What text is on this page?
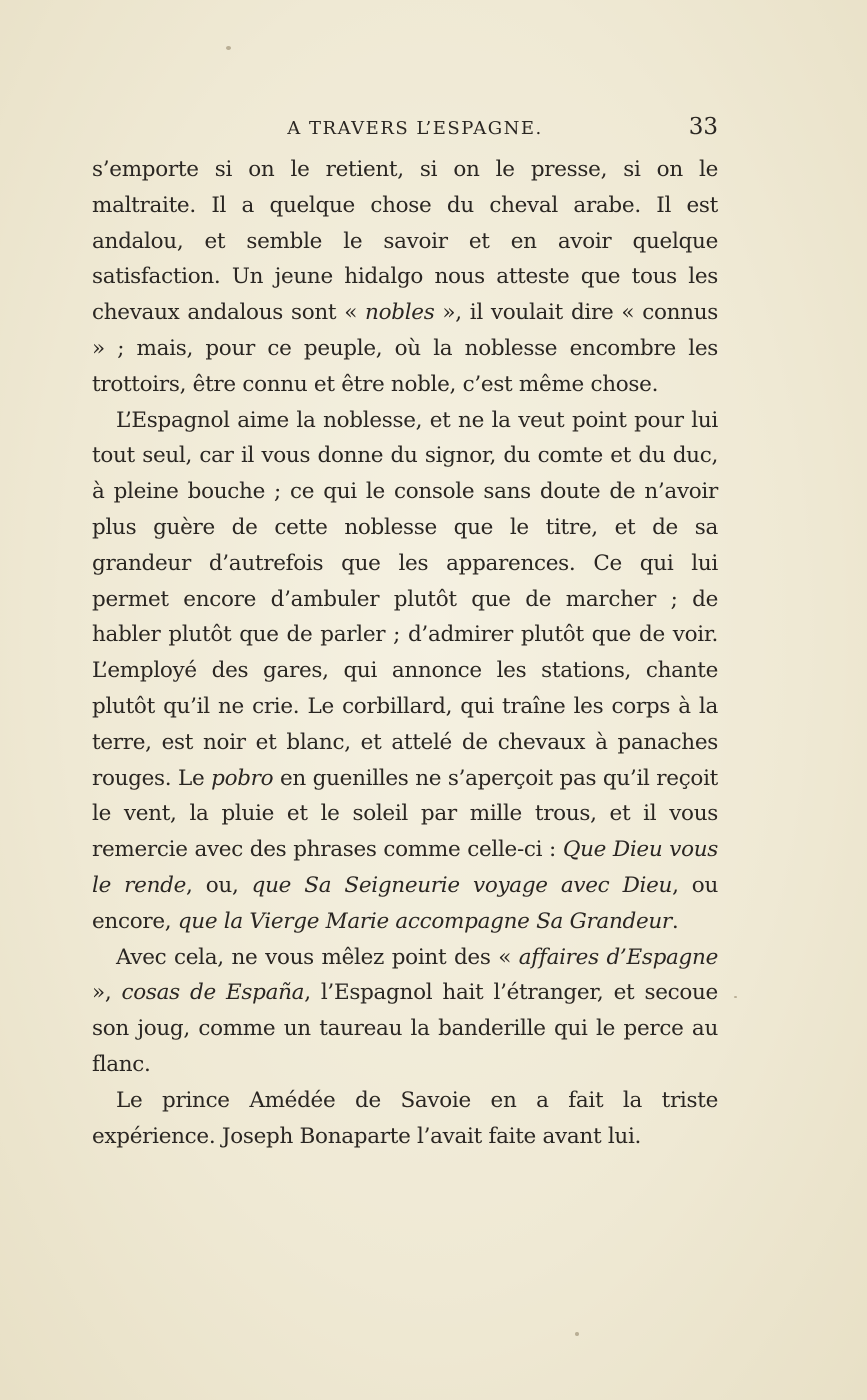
A TRAVERS L’ESPAGNE.	33

s’emporte si on le retient, si on le presse, si on le maltraite. Il a quelque chose du cheval arabe. Il est andalou, et semble le savoir et en avoir quelque satisfaction. Un jeune hidalgo nous atteste que tous les chevaux andalous sont « nobles », il voulait dire « connus » ; mais, pour ce peuple, où la noblesse encombre les trottoirs, être connu et être noble, c’est même chose.

L’Espagnol aime la noblesse, et ne la veut point pour lui tout seul, car il vous donne du signor, du comte et du duc, à pleine bouche ; ce qui le console sans doute de n’avoir plus guère de cette noblesse que le titre, et de sa grandeur d’autrefois que les apparences. Ce qui lui permet encore d’ambuler plutôt que de marcher ; de habler plutôt que de parler ; d’admirer plutôt que de voir. L’employé des gares, qui annonce les stations, chante plutôt qu’il ne crie. Le corbillard, qui traîne les corps à la terre, est noir et blanc, et attelé de chevaux à panaches rouges. Le pobro en guenilles ne s’aperçoit pas qu’il reçoit le vent, la pluie et le soleil par mille trous, et il vous remercie avec des phrases comme celle-ci : Que Dieu vous le rende, ou, que Sa Seigneurie voyage avec Dieu, ou encore, que la Vierge Marie accompagne Sa Grandeur.

Avec cela, ne vous mêlez point des « affaires d’Espagne », cosas de España, l’Espagnol hait l’étranger, et secoue son joug, comme un taureau la banderille qui le perce au flanc.

Le prince Amédée de Savoie en a fait la triste expérience. Joseph Bonaparte l’avait faite avant lui.
